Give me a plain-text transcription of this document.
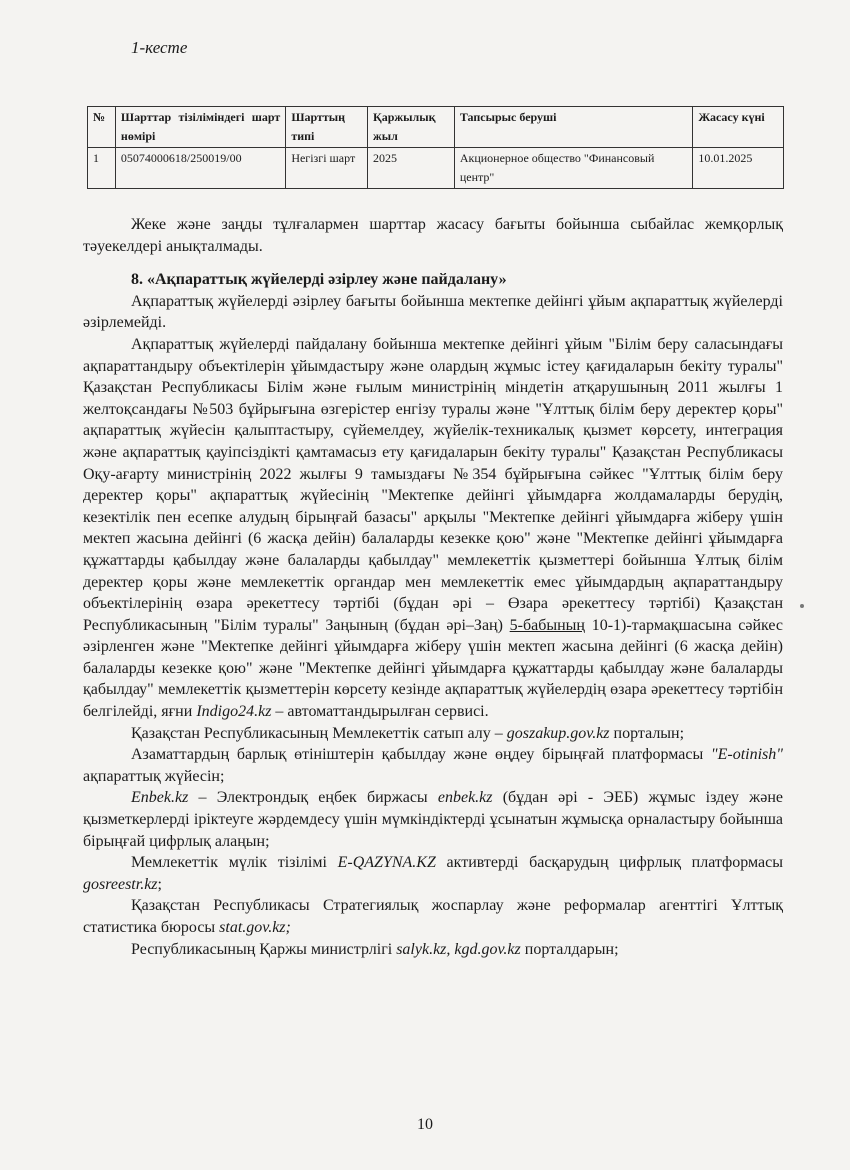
1-кесте

№	Шарттар тізіліміндегі шарт нөмірі	Шарттың типі	Қаржылық жыл	Тапсырыс беруші	Жасасу күні
1	05074000618/250019/00	Негізгі шарт	2025	Акционерное общество "Финансовый центр"	10.01.2025

Жеке және заңды тұлғалармен шарттар жасасу бағыты бойынша сыбайлас жемқорлық тәуекелдері анықталмады.

8. «Ақпараттық жүйелерді әзірлеу және пайдалану»

Ақпараттық жүйелерді әзірлеу бағыты бойынша мектепке дейінгі ұйым ақпараттық жүйелерді әзірлемейді.

Ақпараттық жүйелерді пайдалану бойынша мектепке дейінгі ұйым "Білім беру саласындағы ақпараттандыру объектілерін ұйымдастыру және олардың жұмыс істеу қағидаларын бекіту туралы" Қазақстан Республикасы Білім және ғылым министрінің міндетін атқарушының 2011 жылғы 1 желтоқсандағы №503 бұйрығына өзгерістер енгізу туралы және "Ұлттық білім беру деректер қоры" ақпараттық жүйесін қалыптастыру, сүйемелдеу, жүйелік-техникалық қызмет көрсету, интеграция және ақпараттық қауіпсіздікті қамтамасыз ету қағидаларын бекіту туралы" Қазақстан Республикасы Оқу-ағарту министрінің 2022 жылғы 9 тамыздағы №354 бұйрығына сәйкес "Ұлттық білім беру деректер қоры" ақпараттық жүйесінің "Мектепке дейінгі ұйымдарға жолдамаларды берудің, кезектілік пен есепке алудың бірыңғай базасы" арқылы "Мектепке дейінгі ұйымдарға жіберу үшін мектеп жасына дейінгі (6 жасқа дейін) балаларды кезекке қою" және "Мектепке дейінгі ұйымдарға құжаттарды қабылдау және балаларды қабылдау" мемлекеттік қызметтері бойынша Ұлтық білім деректер қоры және мемлекеттік органдар мен мемлекеттік емес ұйымдардың ақпараттандыру объектілерінің өзара әрекеттесу тәртібі (бұдан әрі – Өзара әрекеттесу тәртібі) Қазақстан Республикасының "Білім туралы" Заңының (бұдан әрі–Заң) 5-бабының 10-1)-тармақшасына сәйкес әзірленген және "Мектепке дейінгі ұйымдарға жіберу үшін мектеп жасына дейінгі (6 жасқа дейін) балаларды кезекке қою" және "Мектепке дейінгі ұйымдарға құжаттарды қабылдау және балаларды қабылдау" мемлекеттік қызметтерін көрсету кезінде ақпараттық жүйелердің өзара әрекеттесу тәртібін белгілейді, яғни Indigo24.kz – автоматтандырылған сервисі.

Қазақстан Республикасының Мемлекеттік сатып алу – goszakup.gov.kz порталын;

Азаматтардың барлық өтініштерін қабылдау және өңдеу бірыңғай платформасы "E-otinish" ақпараттық жүйесін;

Enbek.kz – Электрондық еңбек биржасы enbek.kz (бұдан әрі - ЭЕБ) жұмыс іздеу және қызметкерлерді іріктеуге жәрдемдесу үшін мүмкіндіктерді ұсынатын жұмысқа орналастыру бойынша бірыңғай цифрлық алаңын;

Мемлекеттік мүлік тізілімі E-QAZYNA.KZ активтерді басқарудың цифрлық платформасы gosreestr.kz;

Қазақстан Республикасы Стратегиялық жоспарлау және реформалар агенттігі Ұлттық статистика бюросы stat.gov.kz;

Республикасының Қаржы министрлігі salyk.kz, kgd.gov.kz порталдарын;

10
